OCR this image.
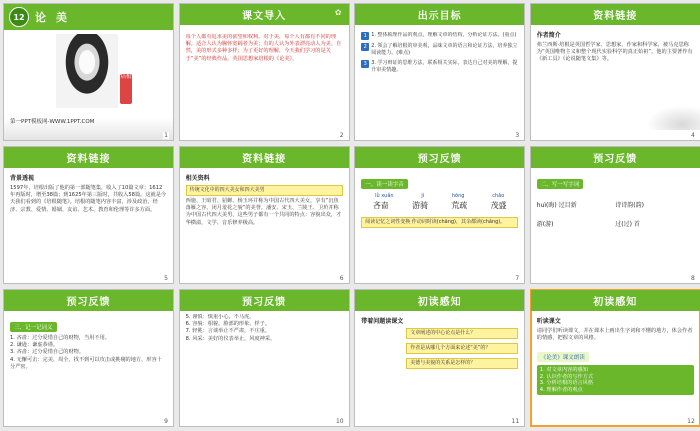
12 论 美
培根
第一PPT模板网-WWW.1PPT.COM
1
课文导入	✿
每个人都有追求美的欲望和权利。对于美，每个人有都有不同的理解。适合人认为胸怀宽阔者为美；有的人认为外表漂亮动人为美。自然，美的形式多种多样；为了更好的理解，今天我们学习的是关于“美”的经典作品。英国思想家培根的《论美》。
2
出示目标
1 1. 整体梳理作品的观点，理解文章的结构，分析论证方法。(重点)
2 2. 领会了解培根的审美观，品味文章的语言和论证方法，培养独立阅读能力。(难点)
3 3. 学习辩证的思维方法，联系相关实际，表达自己对美的理解，提升审美情趣。
3
资料链接
作者简介
弗兰西斯·培根是英国哲学家、思想家、作家和科学家，被马克思称为“英国唯物主义和整个现代实验科学的真正始祖”。他的主要著作有《新工具》《论说随笔文集》等。
4
资料链接
背景透视
1597年，培根出版了他的第一部随笔集，收入了10篇文章；1612年再版时，增至38篇；到1625年第三版时，共收入58篇，这就是今天我们看到的《培根随笔》。培根的随笔内容丰富，涉及政治、经济、宗教、爱情、婚姻、友谊、艺术、教育和伦理等许多方面。
5
资料链接
相关资料
传统文化中的四大美女和四大美男
西施、王昭君、貂蝉、杨玉环并称为中国古代四大美女，享有“沉鱼落雁之容、闭月羞花之貌”的美誉。潘安、宋玉、兰陵王、卫玠并称为中国古代四大美男，这些男子都有一个共同的特点：容貌出众，才华横溢，文学、音乐修养极高。
6
预习反馈
一、读一读字音
lǜ xuǎn	jì	hōng	chǎo
吝啬	游骑	荒疏	茂盛
阅读记忆之词性变换 作动词时读(chāng)，其余都读(chǎng)。
7
预习反馈
二、写一写字词
huì(晦) 过目新	诗诗韵(韵)
游(游)	过(过) 首
8
预习反馈
三、记一记词义
1. 吝啬：过分爱惜自己的财物，当用不用。
2. 谦逊：谦虚恭谨。
3. 吝啬：过分爱惜自己的财物。
4. 无懈可击：完美、周全，找不到可以攻击或挑剔的地方，形容十分严密。
9
预习反馈
5. 谨慎：慎重小心，不马虎。
6. 容貌：相貌，脸部的形象，样子。
7. 轻佻：言谈举止不严肃，不庄重。
8. 风采：美好的仪表举止，风度神采。
10
初读感知
带着问题读课文
文章阐述的中心论点是什么？
作者是从哪几个方面来论述“美”的？
美德与美貌的关系是怎样的？
11
初读感知
听读课文
请同学们听读课文，并在课本上画出生字词和不懂的地方，体会作者的情感，把握文章的风格。
《论美》课文朗读
1. 对文章内容的感知
2. 认识作者的写作方式
3. 分析培根的语言风格
4. 理解作者的观点
12
